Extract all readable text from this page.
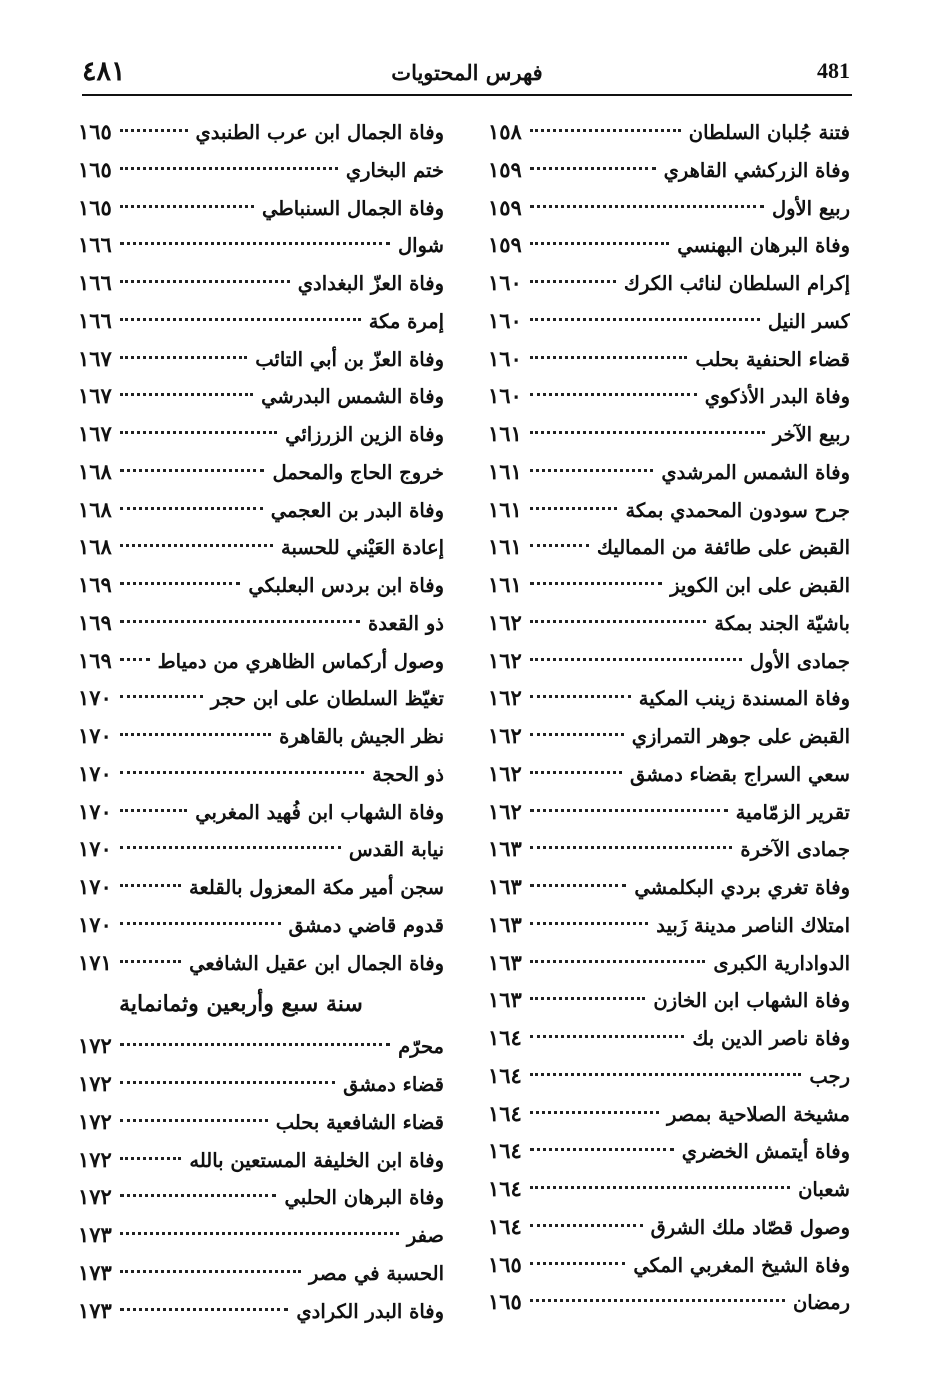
٤٨١	فهرس المحتويات	481
فتنة جُلبان السلطان
١٥٨
وفاة الزركشي القاهري
١٥٩
ربيع الأول
١٥٩
وفاة البرهان البهنسي
١٥٩
إكرام السلطان لنائب الكرك
١٦٠
كسر النيل
١٦٠
قضاء الحنفية بحلب
١٦٠
وفاة البدر الأذكوي
١٦٠
ربيع الآخر
١٦١
وفاة الشمس المرشدي
١٦١
جرح سودون المحمدي بمكة
١٦١
القبض على طائفة من المماليك
١٦١
القبض على ابن الكويز
١٦١
باشيّة الجند بمكة
١٦٢
جمادى الأول
١٦٢
وفاة المسندة زينب المكية
١٦٢
القبض على جوهر التمرازي
١٦٢
سعي السراج بقضاء دمشق
١٦٢
تقرير الزمّامية
١٦٢
جمادى الآخرة
١٦٣
وفاة تغري بردي البكلمشي
١٦٣
امتلاك الناصر مدينة زَبيد
١٦٣
الدوادارية الكبرى
١٦٣
وفاة الشهاب ابن الخازن
١٦٣
وفاة ناصر الدين بك
١٦٤
رجب
١٦٤
مشيخة الصلاحية بمصر
١٦٤
وفاة أيتمش الخضري
١٦٤
شعبان
١٦٤
وصول قصّاد ملك الشرق
١٦٤
وفاة الشيخ المغربي المكي
١٦٥
رمضان
١٦٥
وفاة الجمال ابن عرب الطنبدي
١٦٥
ختم البخاري
١٦٥
وفاة الجمال السنباطي
١٦٥
شوال
١٦٦
وفاة العزّ البغدادي
١٦٦
إمرة مكة
١٦٦
وفاة العزّ بن أبي التائب
١٦٧
وفاة الشمس البدرشي
١٦٧
وفاة الزين الزرزائي
١٦٧
خروج الحاج والمحمل
١٦٨
وفاة البدر بن العجمي
١٦٨
إعادة العَيْني للحسبة
١٦٨
وفاة ابن بردس البعلبكي
١٦٩
ذو القعدة
١٦٩
وصول أركماس الظاهري من دمياط
١٦٩
تغيّظ السلطان على ابن حجر
١٧٠
نظر الجيش بالقاهرة
١٧٠
ذو الحجة
١٧٠
وفاة الشهاب ابن فُهيد المغربي
١٧٠
نيابة القدس
١٧٠
سجن أمير مكة المعزول بالقلعة
١٧٠
قدوم قاضي دمشق
١٧٠
وفاة الجمال ابن عقيل الشافعي
١٧١
سنة سبع وأربعين وثمانماية
محرّم
١٧٢
قضاء دمشق
١٧٢
قضاء الشافعية بحلب
١٧٢
وفاة ابن الخليفة المستعين بالله
١٧٢
وفاة البرهان الحلبي
١٧٢
صفر
١٧٣
الحسبة في مصر
١٧٣
وفاة البدر الكرادي
١٧٣
